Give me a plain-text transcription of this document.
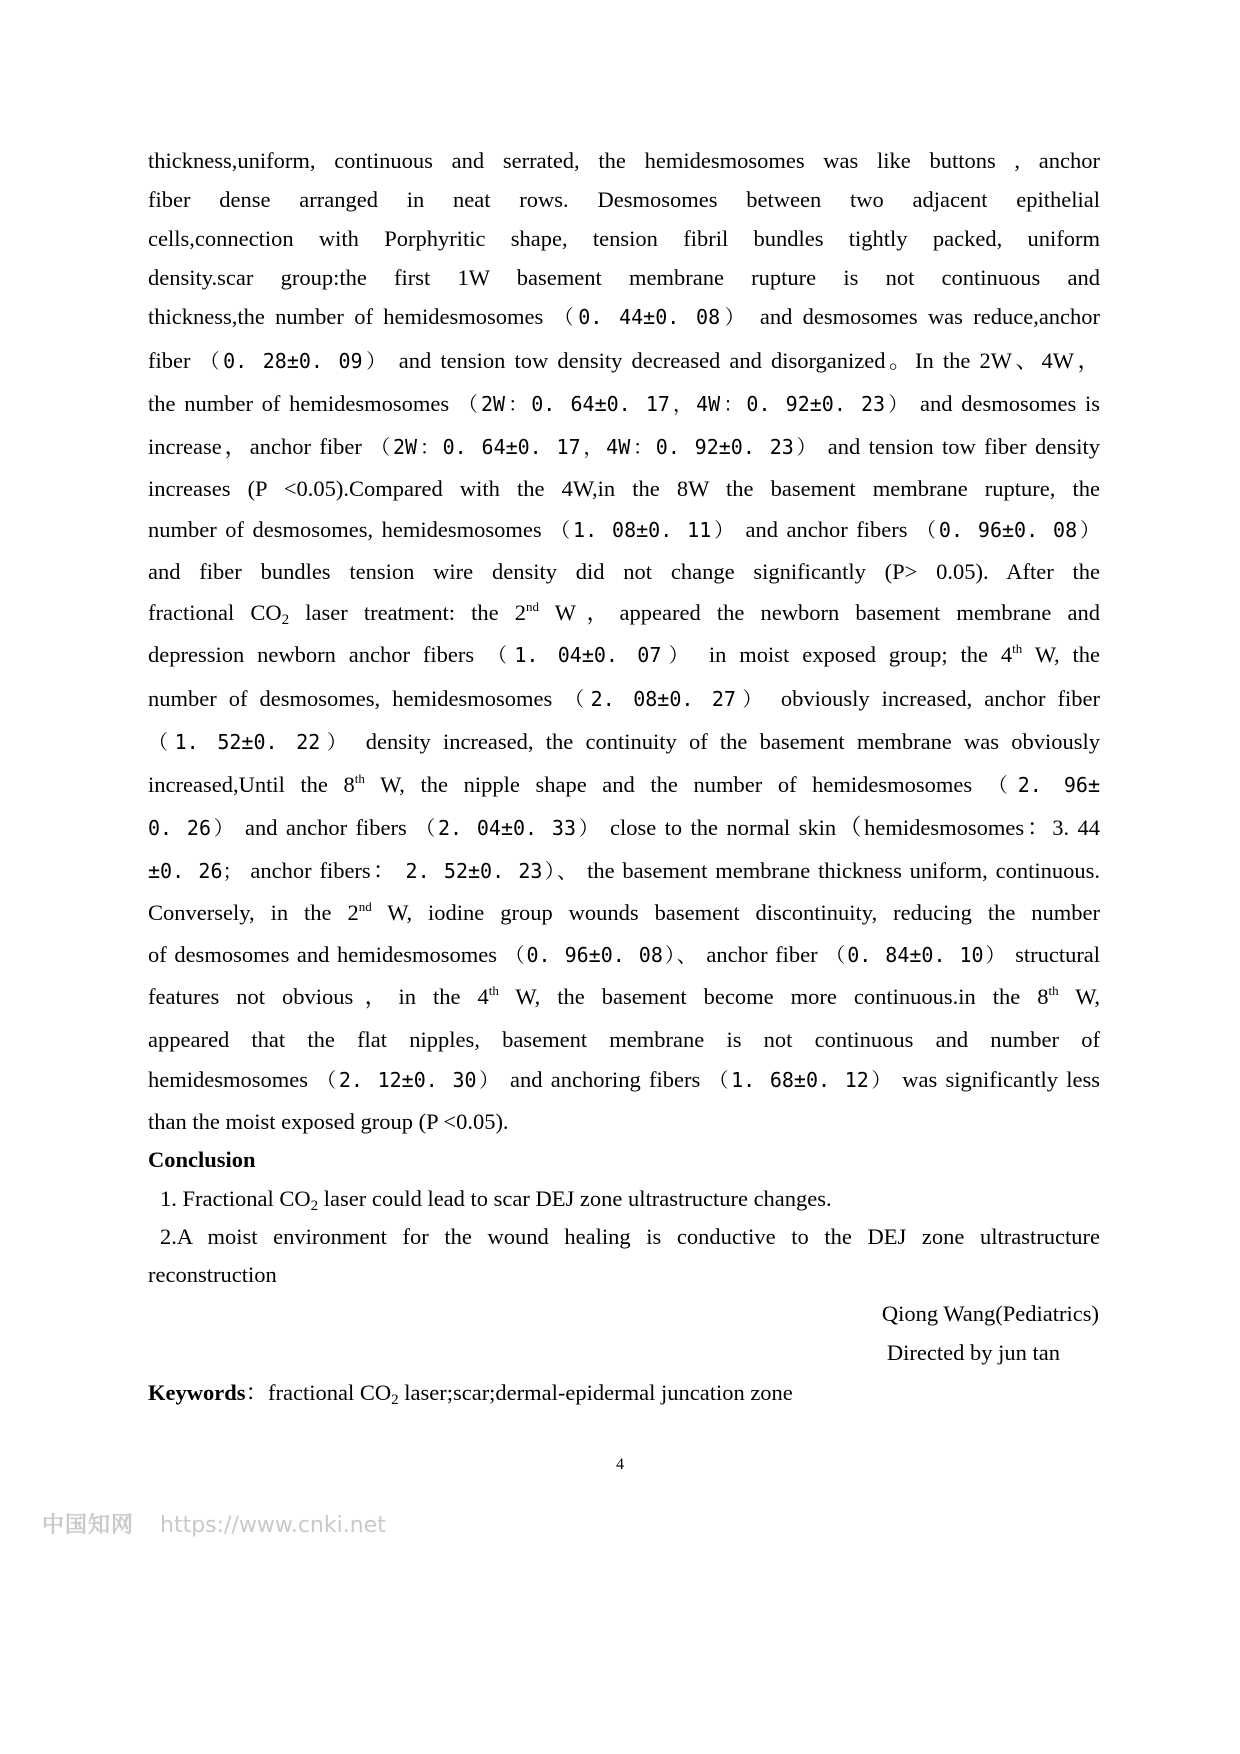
thickness,uniform, continuous and serrated, the hemidesmosomes was like buttons , anchor
fiber dense arranged in neat rows. Desmosomes between two adjacent epithelial
cells,connection with Porphyritic shape, tension fibril bundles tightly packed, uniform
density.scar group:the first 1W basement membrane rupture is not continuous and
thickness,the number of hemidesmosomes （0. 44±0. 08） and desmosomes was reduce,anchor
fiber （0. 28±0. 09） and tension tow density decreased and disorganized。In the 2W、4W，
the number of hemidesmosomes （2W：0. 64±0. 17，4W：0. 92±0. 23） and desmosomes is
increase，anchor fiber （2W：0. 64±0. 17，4W：0. 92±0. 23） and tension tow fiber density
increases (P <0.05).Compared with the 4W,in the 8W the basement membrane rupture, the
number of desmosomes, hemidesmosomes （1. 08±0. 11） and anchor fibers （0. 96±0. 08）
and fiber bundles tension wire density did not change significantly (P> 0.05). After the
fractional $CO_2$ laser treatment: the 2nd W，appeared the newborn basement membrane and
depression newborn anchor fibers （1. 04±0. 07） in moist exposed group; the 4th W, the
number of desmosomes, hemidesmosomes （2. 08±0. 27） obviously increased, anchor fiber
（1. 52±0. 22） density increased, the continuity of the basement membrane was obviously
increased,Until the 8th W, the nipple shape and the number of hemidesmosomes （2. 96±
0. 26） and anchor fibers （2. 04±0. 33） close to the normal skin（hemidesmosomes：3. 44
±0. 26； anchor fibers： 2. 52±0. 23）、 the basement membrane thickness uniform, continuous.
Conversely, in the 2nd W, iodine group wounds basement discontinuity, reducing the number
of desmosomes and hemidesmosomes （0. 96±0. 08）、 anchor fiber （0. 84±0. 10） structural
features not obvious，in the 4th W, the basement become more continuous.in the 8th W,
appeared that the flat nipples, basement membrane is not continuous and number of
hemidesmosomes （2. 12±0. 30） and anchoring fibers （1. 68±0. 12） was significantly less
than the moist exposed group (P <0.05).
Conclusion
1. Fractional $CO_2$ laser could lead to scar DEJ zone ultrastructure changes.
2.A moist environment for the wound healing is conductive to the DEJ zone ultrastructure
reconstruction
Qiong Wang(Pediatrics)
Directed by jun tan
Keywords：fractional $CO_2$ laser;scar;dermal-epidermal juncation zone
4
中国知网 https://www.cnki.net
